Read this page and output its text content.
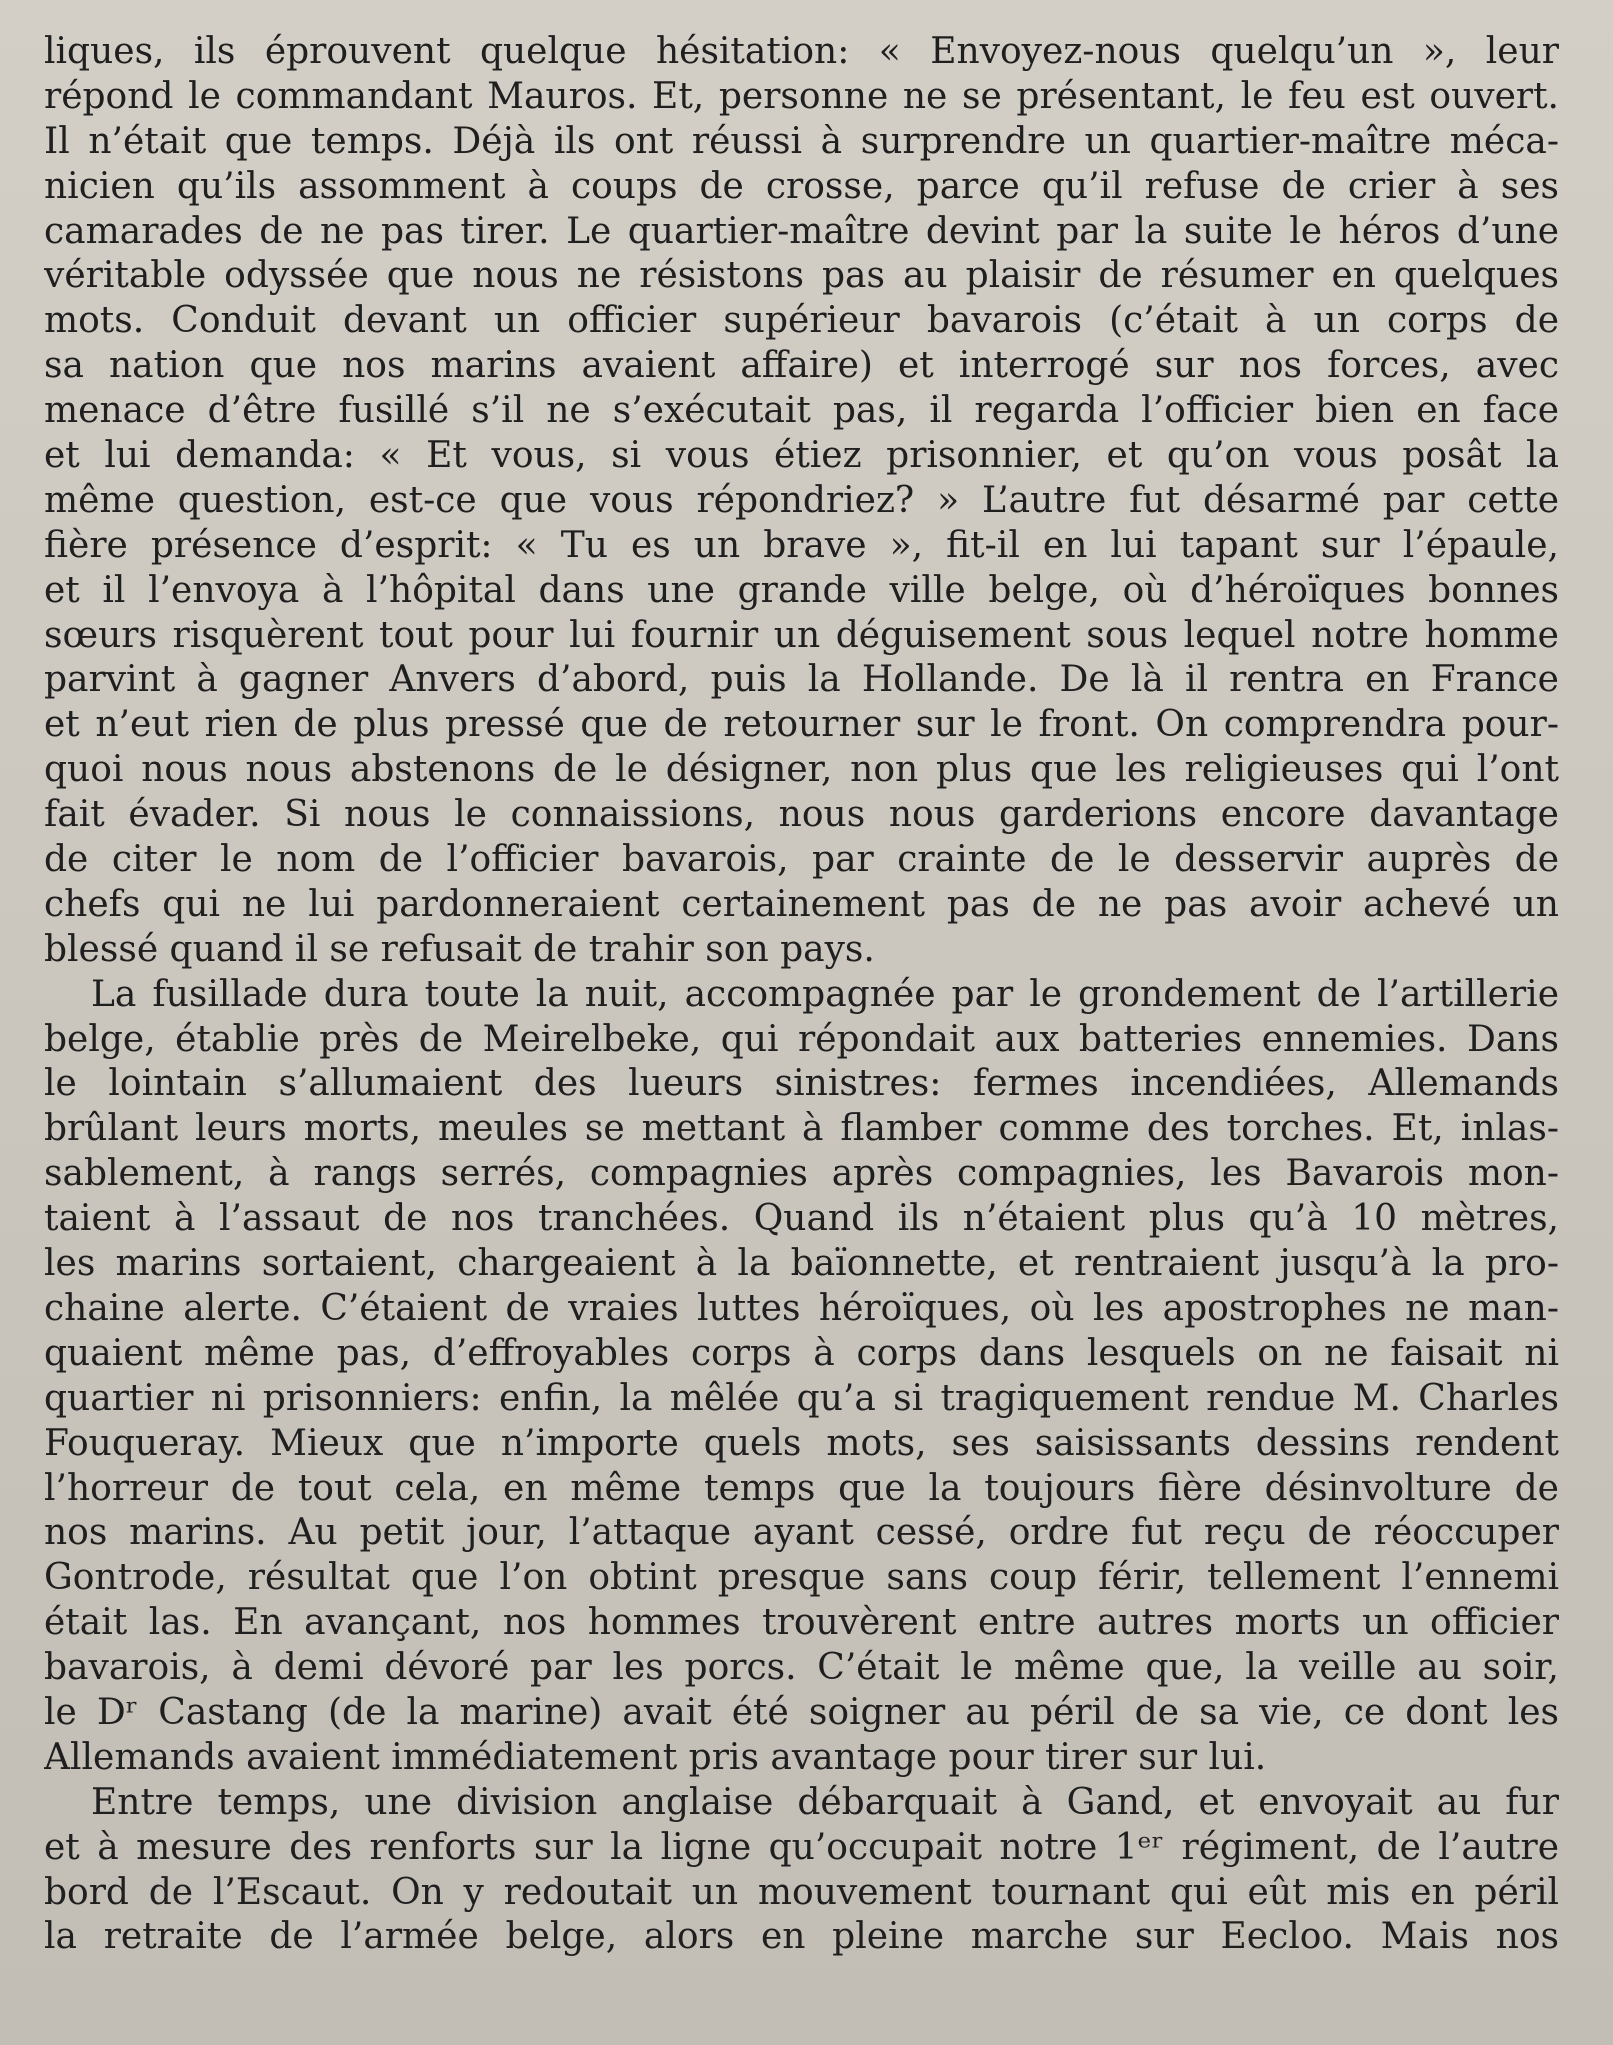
liques, ils éprouvent quelque hésitation: « Envoyez-nous quelqu’un », leur
répond le commandant Mauros. Et, personne ne se présentant, le feu est ouvert.
Il n’était que temps. Déjà ils ont réussi à surprendre un quartier-maître méca-
nicien qu’ils assomment à coups de crosse, parce qu’il refuse de crier à ses
camarades de ne pas tirer. Le quartier-maître devint par la suite le héros d’une
véritable odyssée que nous ne résistons pas au plaisir de résumer en quelques
mots. Conduit devant un officier supérieur bavarois (c’était à un corps de
sa nation que nos marins avaient affaire) et interrogé sur nos forces, avec
menace d’être fusillé s’il ne s’exécutait pas, il regarda l’officier bien en face
et lui demanda: « Et vous, si vous étiez prisonnier, et qu’on vous posât la
même question, est-ce que vous répondriez? » L’autre fut désarmé par cette
fière présence d’esprit: « Tu es un brave », fit-il en lui tapant sur l’épaule,
et il l’envoya à l’hôpital dans une grande ville belge, où d’héroïques bonnes
sœurs risquèrent tout pour lui fournir un déguisement sous lequel notre homme
parvint à gagner Anvers d’abord, puis la Hollande. De là il rentra en France
et n’eut rien de plus pressé que de retourner sur le front. On comprendra pour-
quoi nous nous abstenons de le désigner, non plus que les religieuses qui l’ont
fait évader. Si nous le connaissions, nous nous garderions encore davantage
de citer le nom de l’officier bavarois, par crainte de le desservir auprès de
chefs qui ne lui pardonneraient certainement pas de ne pas avoir achevé un
blessé quand il se refusait de trahir son pays.
La fusillade dura toute la nuit, accompagnée par le grondement de l’artillerie
belge, établie près de Meirelbeke, qui répondait aux batteries ennemies. Dans
le lointain s’allumaient des lueurs sinistres: fermes incendiées, Allemands
brûlant leurs morts, meules se mettant à flamber comme des torches. Et, inlas-
sablement, à rangs serrés, compagnies après compagnies, les Bavarois mon-
taient à l’assaut de nos tranchées. Quand ils n’étaient plus qu’à 10 mètres,
les marins sortaient, chargeaient à la baïonnette, et rentraient jusqu’à la pro-
chaine alerte. C’étaient de vraies luttes héroïques, où les apostrophes ne man-
quaient même pas, d’effroyables corps à corps dans lesquels on ne faisait ni
quartier ni prisonniers: enfin, la mêlée qu’a si tragiquement rendue M. Charles
Fouqueray. Mieux que n’importe quels mots, ses saisissants dessins rendent
l’horreur de tout cela, en même temps que la toujours fière désinvolture de
nos marins. Au petit jour, l’attaque ayant cessé, ordre fut reçu de réoccuper
Gontrode, résultat que l’on obtint presque sans coup férir, tellement l’ennemi
était las. En avançant, nos hommes trouvèrent entre autres morts un officier
bavarois, à demi dévoré par les porcs. C’était le même que, la veille au soir,
le Dʳ Castang (de la marine) avait été soigner au péril de sa vie, ce dont les
Allemands avaient immédiatement pris avantage pour tirer sur lui.
Entre temps, une division anglaise débarquait à Gand, et envoyait au fur
et à mesure des renforts sur la ligne qu’occupait notre 1ᵉʳ régiment, de l’autre
bord de l’Escaut. On y redoutait un mouvement tournant qui eût mis en péril
la retraite de l’armée belge, alors en pleine marche sur Eecloo. Mais nos
